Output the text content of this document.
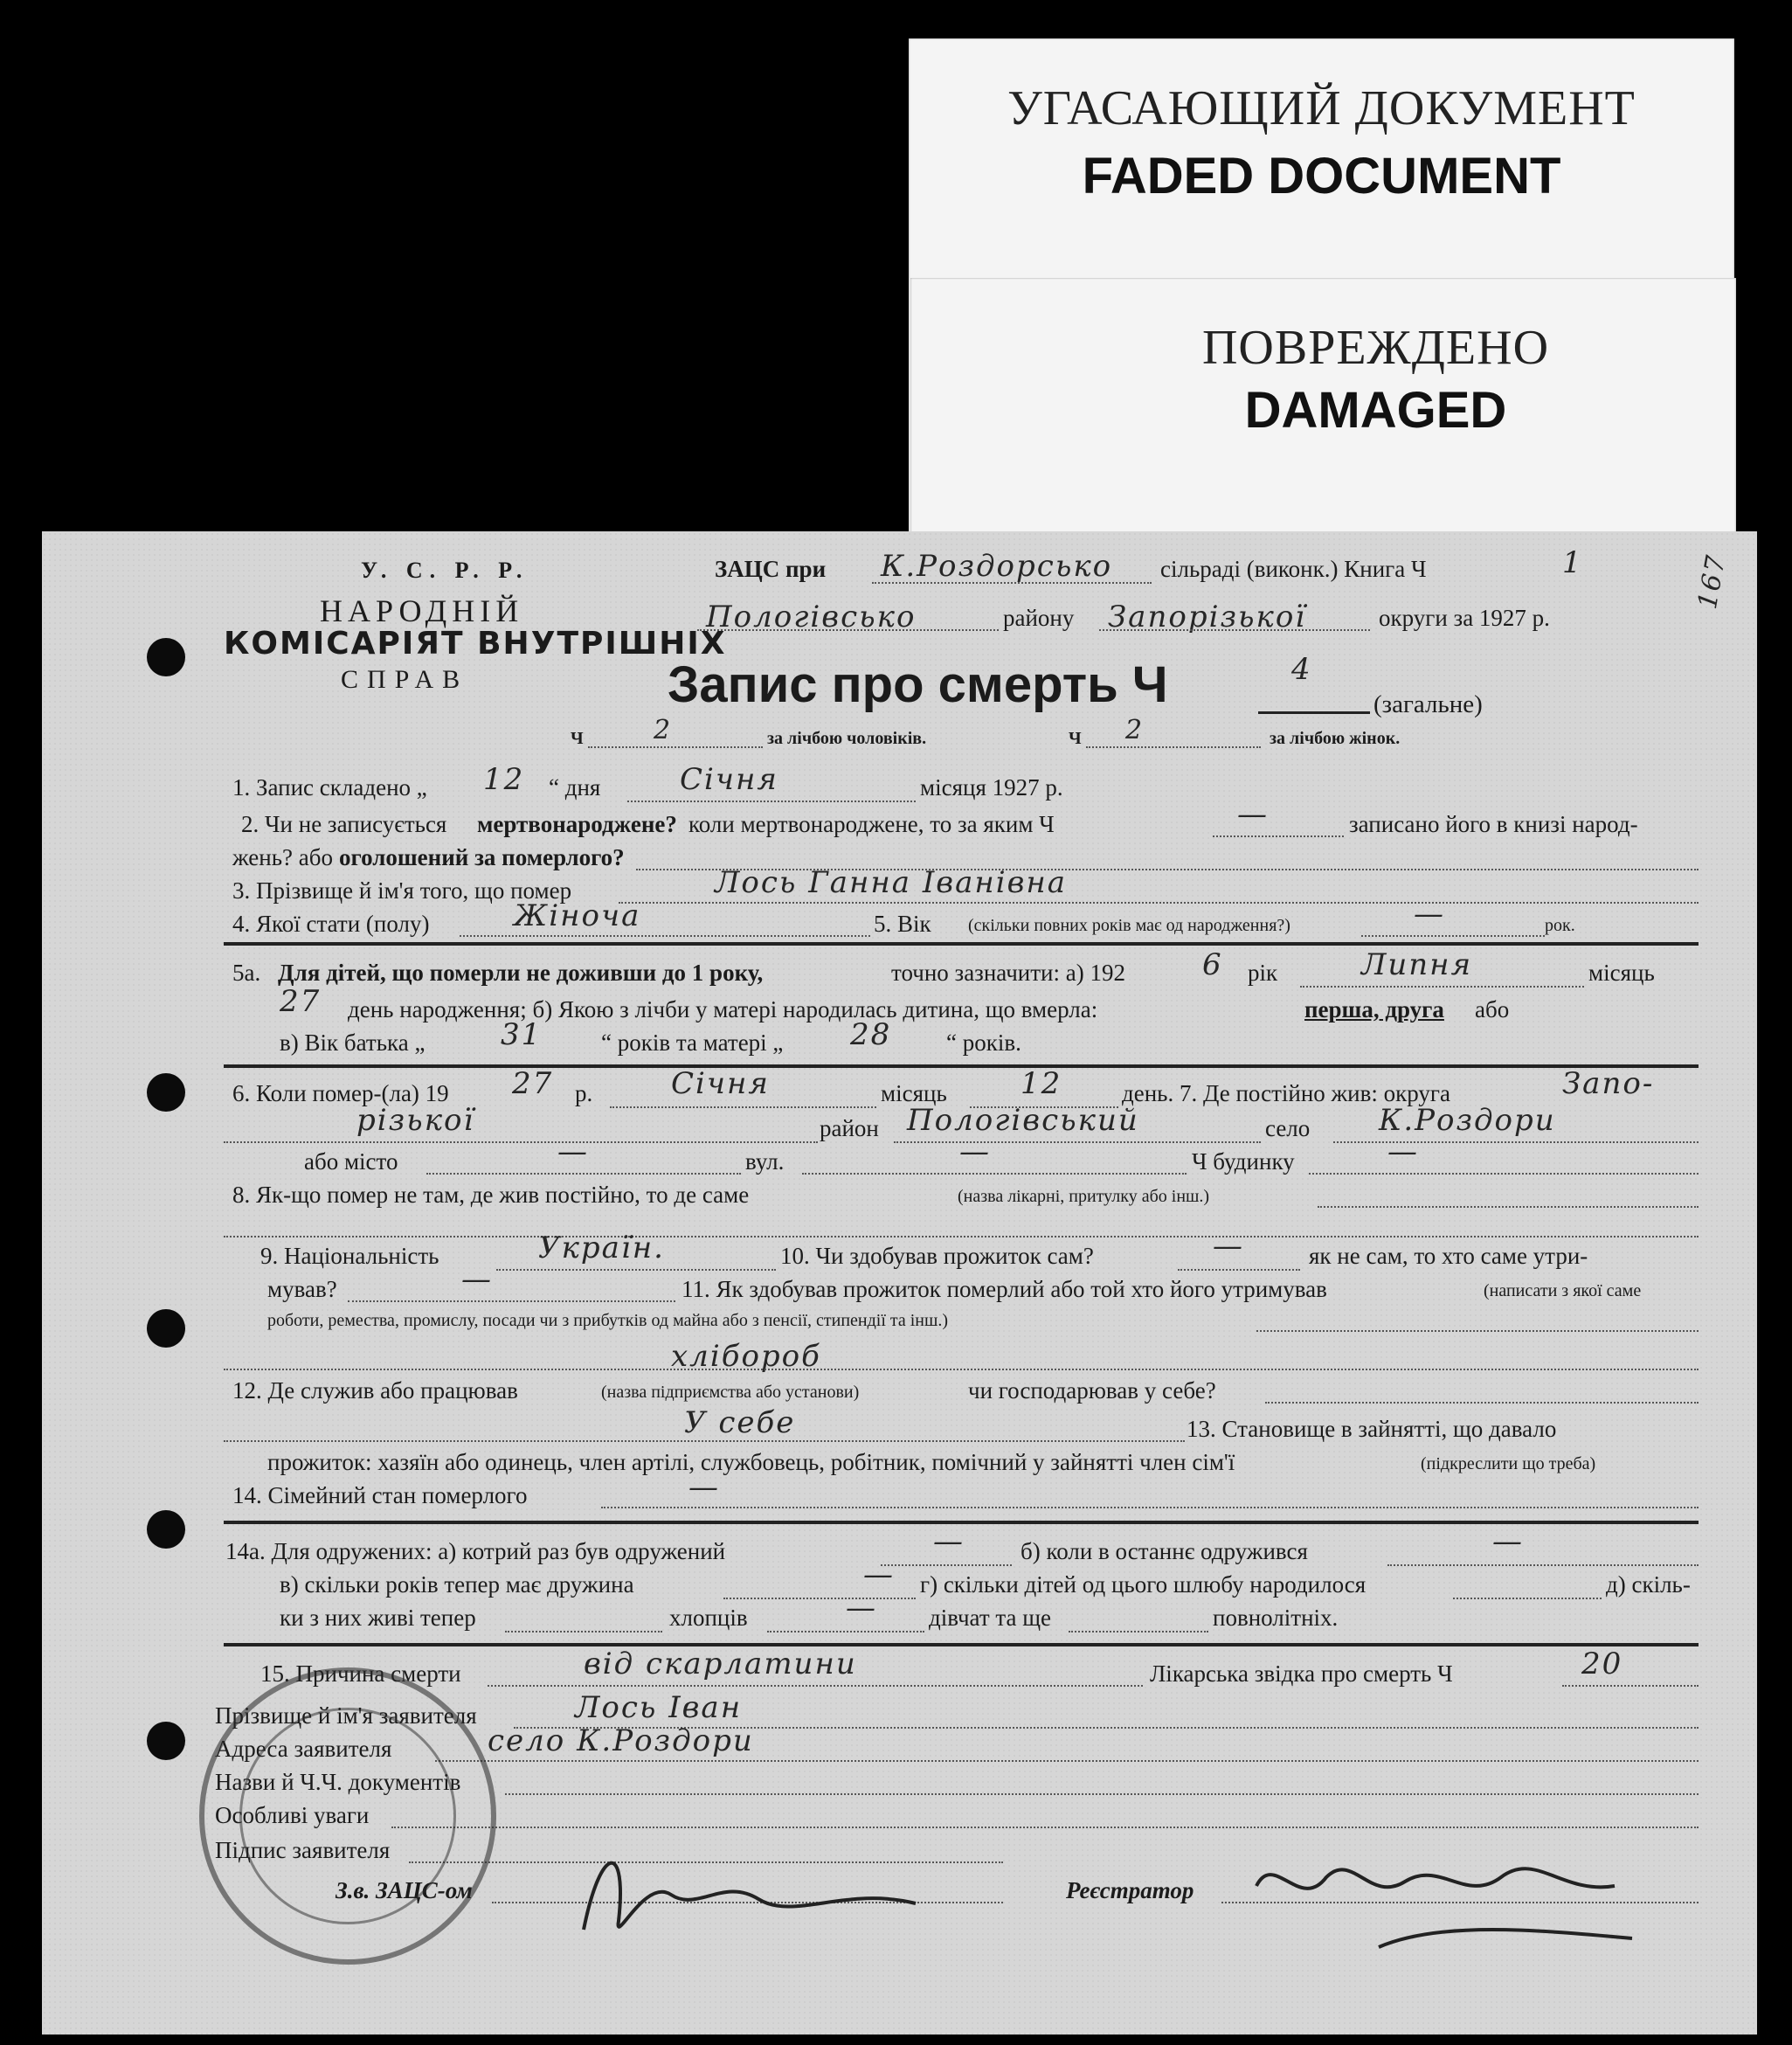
УГАСАЮЩИЙ ДОКУМЕНТ
FADED DOCUMENT
ПОВРЕЖДЕНО
DAMAGED
У. С. Р. Р.
НАРОДНІЙ
КОМІСАРІЯТ ВНУТРІШНІХ
СПРАВ
ЗАЦС при К.Роздорсько сільраді (виконк.) Книга Ч	1	167
Пологівсько	району Запорізької	округи за 1927 р.
Запис про смерть Ч	4
(загальне)
Ч	2	за лічбою чоловіків.	Ч 2	за лічбою жінок.
1. Запис складено „ 12 “ дня	Січня	місяця 1927 р.
2. Чи не записується мертвонароджене? коли мертвонароджене, то за яким Ч	—	записано його в книзі народ-
жень? або оголошений за померлого?
3. Прізвище й ім'я того, що помер	Лось Ганна Іванівна
4. Якої стати (полу)	Жіноча	5. Вік (скільки повних років має од народження?)	—	рок.
5а. Для дітей, що померли не доживши до 1 року,	точно зазначити: а) 192	6 рік	Липня	місяць
27 день народження; б) Якою з лічби у матері народилась дитина, що вмерла:	перша, друга або
в) Вік батька „	31	“ років та матері „ 28 “ років.
6. Коли помер-(ла) 19 27 р.	Січня	місяць 12	день. 7. Де постійно жив: округа	Запо-
різької	район Пологівський	село К.Роздори
або місто	—	вул.	—	Ч будинку	—
8. Як-що помер не там, де жив постійно, то де саме	(назва лікарні, притулку або інш.)
9. Національність	Україн.	10. Чи здобував прожиток сам?	—	як не сам, то хто саме утри-
мував?	—	11. Як здобував прожиток померлий або той хто його утримував	(написати з якої саме
роботи, ремества, промислу, посади чи з прибутків од майна або з пенсії, стипендії та інш.)
хлібороб
12. Де служив або працював	(назва підприємства або установи)	чи господарював у себе?
У себе	13. Становище в зайнятті, що давало
прожиток: хазяїн або одинець, член артілі, службовець, робітник, помічний у зайнятті член сім'ї	(підкреслити що треба)
14. Сімейний стан померлого	—
14а. Для одружених: а) котрий раз був одружений	— б) коли в останнє одружився	—
в) скільки років тепер має дружина	— г) скільки дітей од цього шлюбу народилося	д) скіль-
ки з них живі тепер	хлопців	— дівчат та ще	повнолітніх.
15. Причина смерти	від скарлатини	Лікарська звідка про смерть Ч	20
Прізвище й ім'я заявителя	Лось Іван
Адреса заявителя	село К.Роздори
Назви й Ч.Ч. документів
Особливі уваги
Підпис заявителя
З.в. ЗАЦС-ом	Реєстратор
